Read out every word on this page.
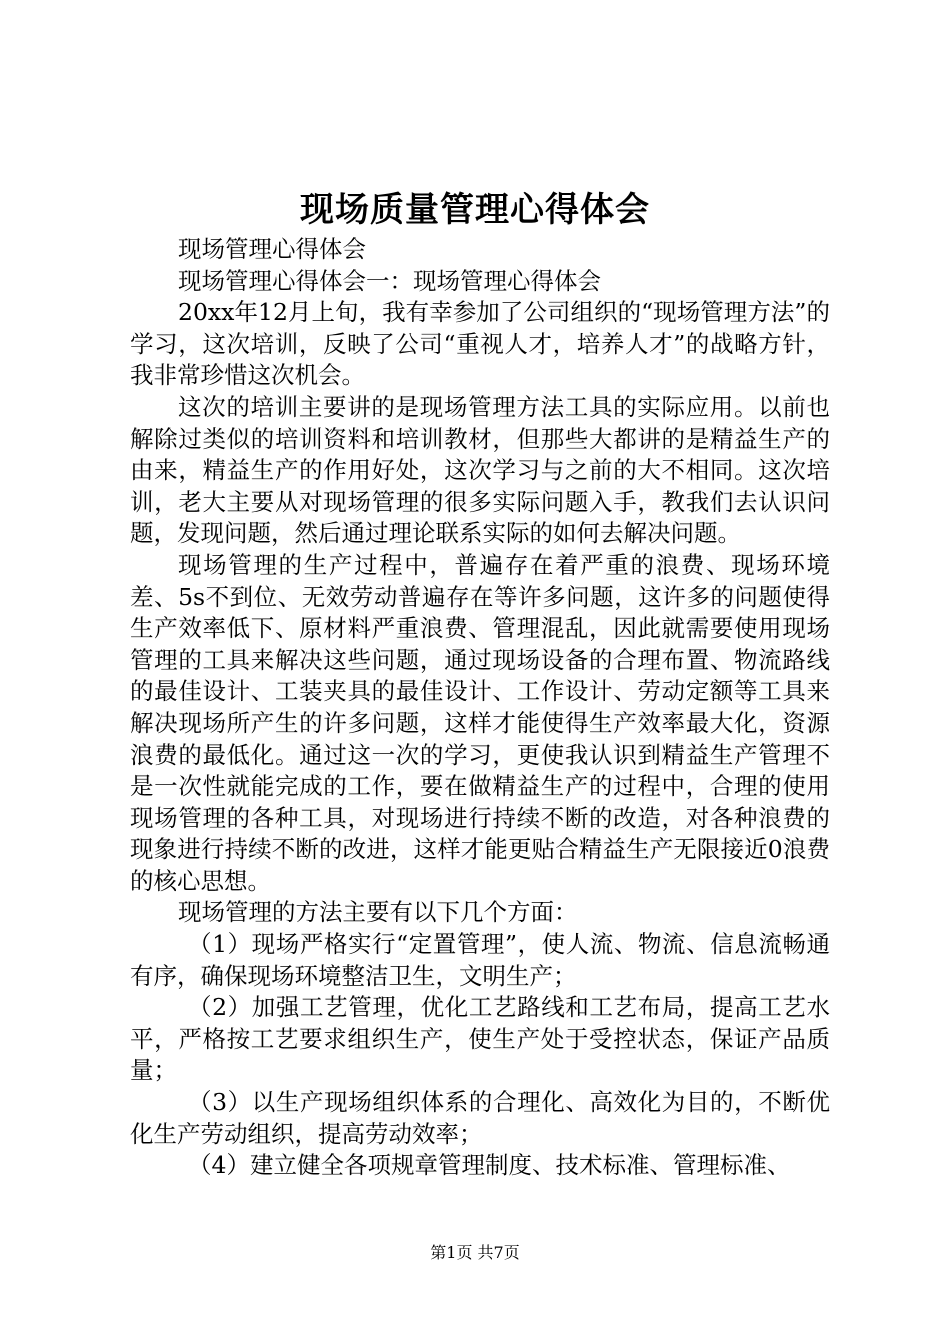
现场质量管理心得体会

现场管理心得体会

现场管理心得体会一：现场管理心得体会

20xx年12月上旬，我有幸参加了公司组织的“现场管理方法”的学习，这次培训，反映了公司“重视人才，培养人才”的战略方针，我非常珍惜这次机会。

这次的培训主要讲的是现场管理方法工具的实际应用。以前也解除过类似的培训资料和培训教材，但那些大都讲的是精益生产的由来，精益生产的作用好处，这次学习与之前的大不相同。这次培训，老大主要从对现场管理的很多实际问题入手，教我们去认识问题，发现问题，然后通过理论联系实际的如何去解决问题。

现场管理的生产过程中，普遍存在着严重的浪费、现场环境差、5s不到位、无效劳动普遍存在等许多问题，这许多的问题使得生产效率低下、原材料严重浪费、管理混乱，因此就需要使用现场管理的工具来解决这些问题，通过现场设备的合理布置、物流路线的最佳设计、工装夹具的最佳设计、工作设计、劳动定额等工具来解决现场所产生的许多问题，这样才能使得生产效率最大化，资源浪费的最低化。通过这一次的学习，更使我认识到精益生产管理不是一次性就能完成的工作，要在做精益生产的过程中，合理的使用现场管理的各种工具，对现场进行持续不断的改造，对各种浪费的现象进行持续不断的改进，这样才能更贴合精益生产无限接近0浪费的核心思想。

现场管理的方法主要有以下几个方面：

（1）现场严格实行“定置管理”，使人流、物流、信息流畅通有序，确保现场环境整洁卫生，文明生产；

（2）加强工艺管理，优化工艺路线和工艺布局，提高工艺水平，严格按工艺要求组织生产，使生产处于受控状态，保证产品质量；

（3）以生产现场组织体系的合理化、高效化为目的，不断优化生产劳动组织，提高劳动效率；

（4）建立健全各项规章管理制度、技术标准、管理标准、

第1页 共7页
